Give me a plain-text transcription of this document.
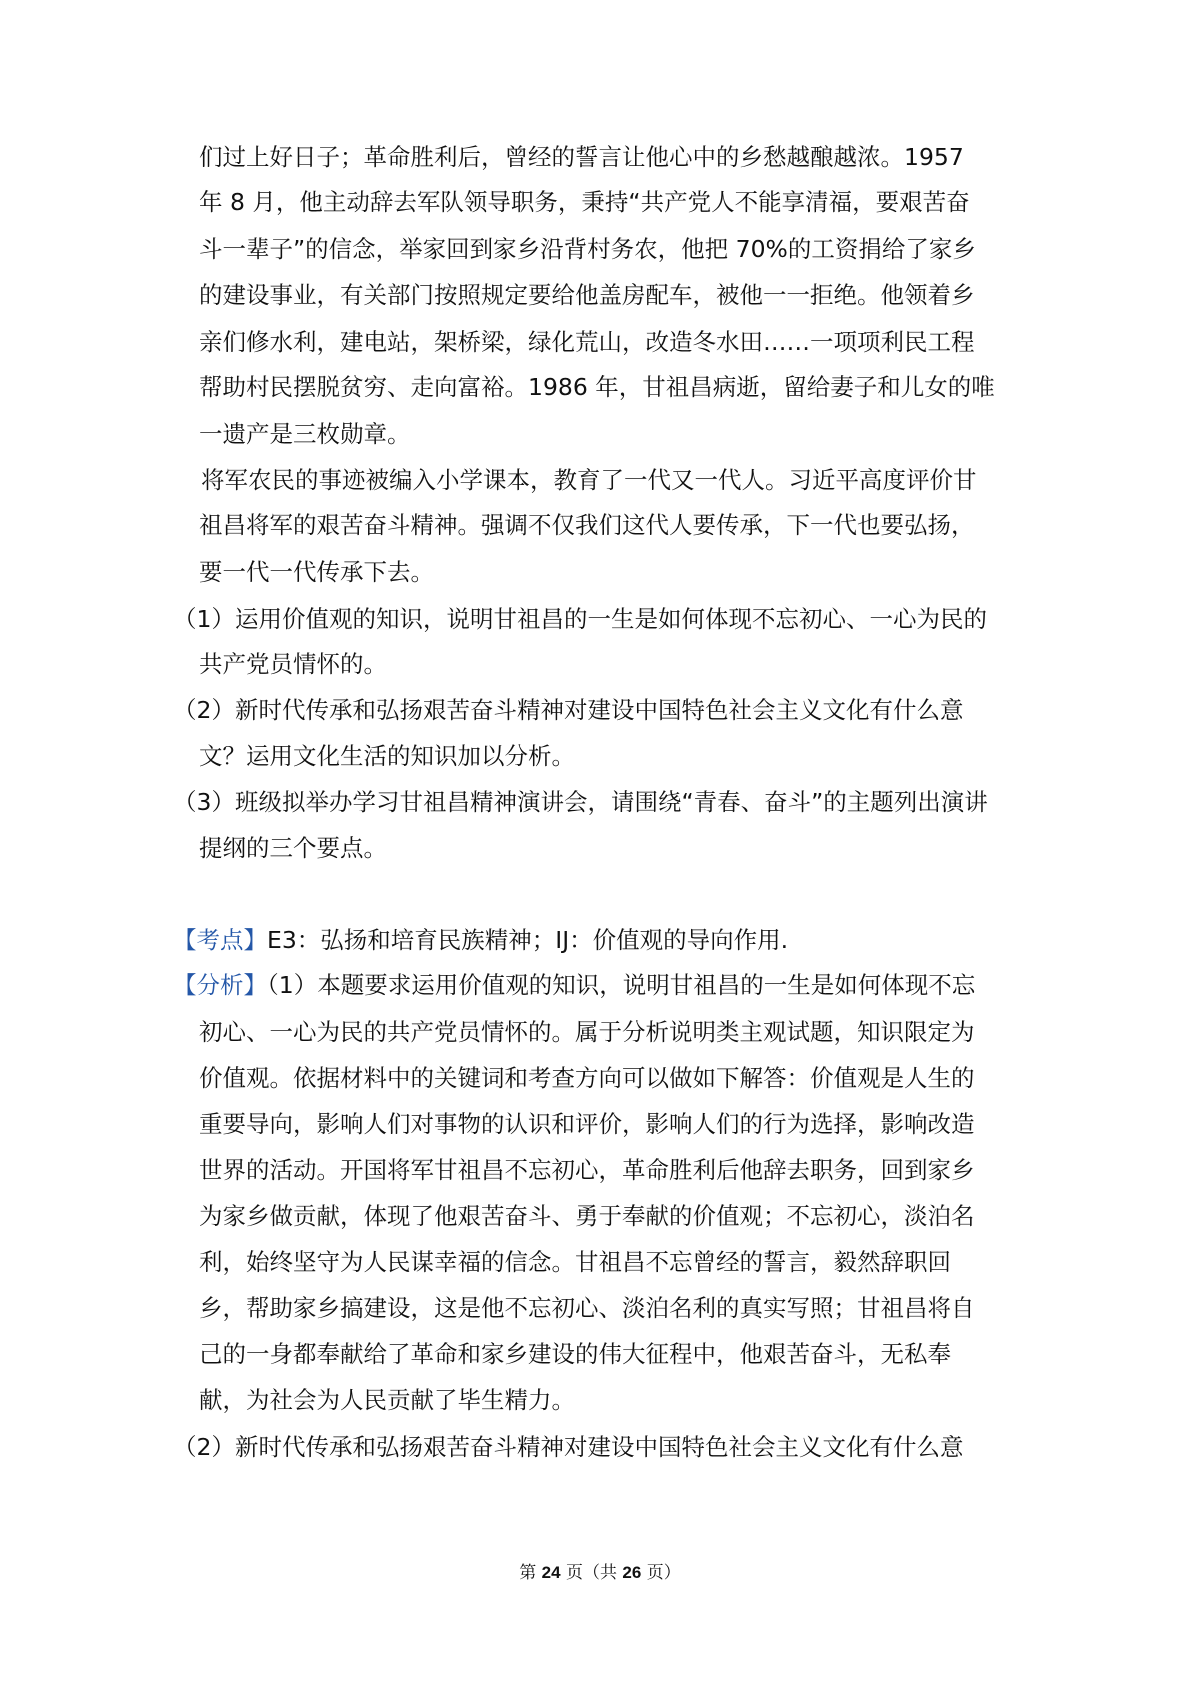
们过上好日子；革命胜利后，曾经的誓言让他心中的乡愁越酿越浓。1957
年 8 月，他主动辞去军队领导职务，秉持“共产党人不能享清福，要艰苦奋
斗一辈子”的信念，举家回到家乡沿背村务农，他把 70%的工资捐给了家乡
的建设事业，有关部门按照规定要给他盖房配车，被他一一拒绝。他领着乡
亲们修水利，建电站，架桥梁，绿化荒山，改造冬水田……一项项利民工程
帮助村民摆脱贫穷、走向富裕。1986 年，甘祖昌病逝，留给妻子和儿女的唯
一遗产是三枚勋章。
将军农民的事迹被编入小学课本，教育了一代又一代人。习近平高度评价甘
祖昌将军的艰苦奋斗精神。强调不仅我们这代人要传承，下一代也要弘扬，
要一代一代传承下去。
（1）运用价值观的知识，说明甘祖昌的一生是如何体现不忘初心、一心为民的
共产党员情怀的。
（2）新时代传承和弘扬艰苦奋斗精神对建设中国特色社会主义文化有什么意
文？运用文化生活的知识加以分析。
（3）班级拟举办学习甘祖昌精神演讲会，请围绕“青春、奋斗”的主题列出演讲
提纲的三个要点。
【考点】E3：弘扬和培育民族精神；IJ：价值观的导向作用.
【分析】（1）本题要求运用价值观的知识，说明甘祖昌的一生是如何体现不忘
初心、一心为民的共产党员情怀的。属于分析说明类主观试题，知识限定为
价值观。依据材料中的关键词和考查方向可以做如下解答：价值观是人生的
重要导向，影响人们对事物的认识和评价，影响人们的行为选择，影响改造
世界的活动。开国将军甘祖昌不忘初心，革命胜利后他辞去职务，回到家乡
为家乡做贡献，体现了他艰苦奋斗、勇于奉献的价值观；不忘初心，淡泊名
利，始终坚守为人民谋幸福的信念。甘祖昌不忘曾经的誓言，毅然辞职回
乡，帮助家乡搞建设，这是他不忘初心、淡泊名利的真实写照；甘祖昌将自
己的一身都奉献给了革命和家乡建设的伟大征程中，他艰苦奋斗，无私奉
献，为社会为人民贡献了毕生精力。
（2）新时代传承和弘扬艰苦奋斗精神对建设中国特色社会主义文化有什么意
第 24 页（共 26 页）
